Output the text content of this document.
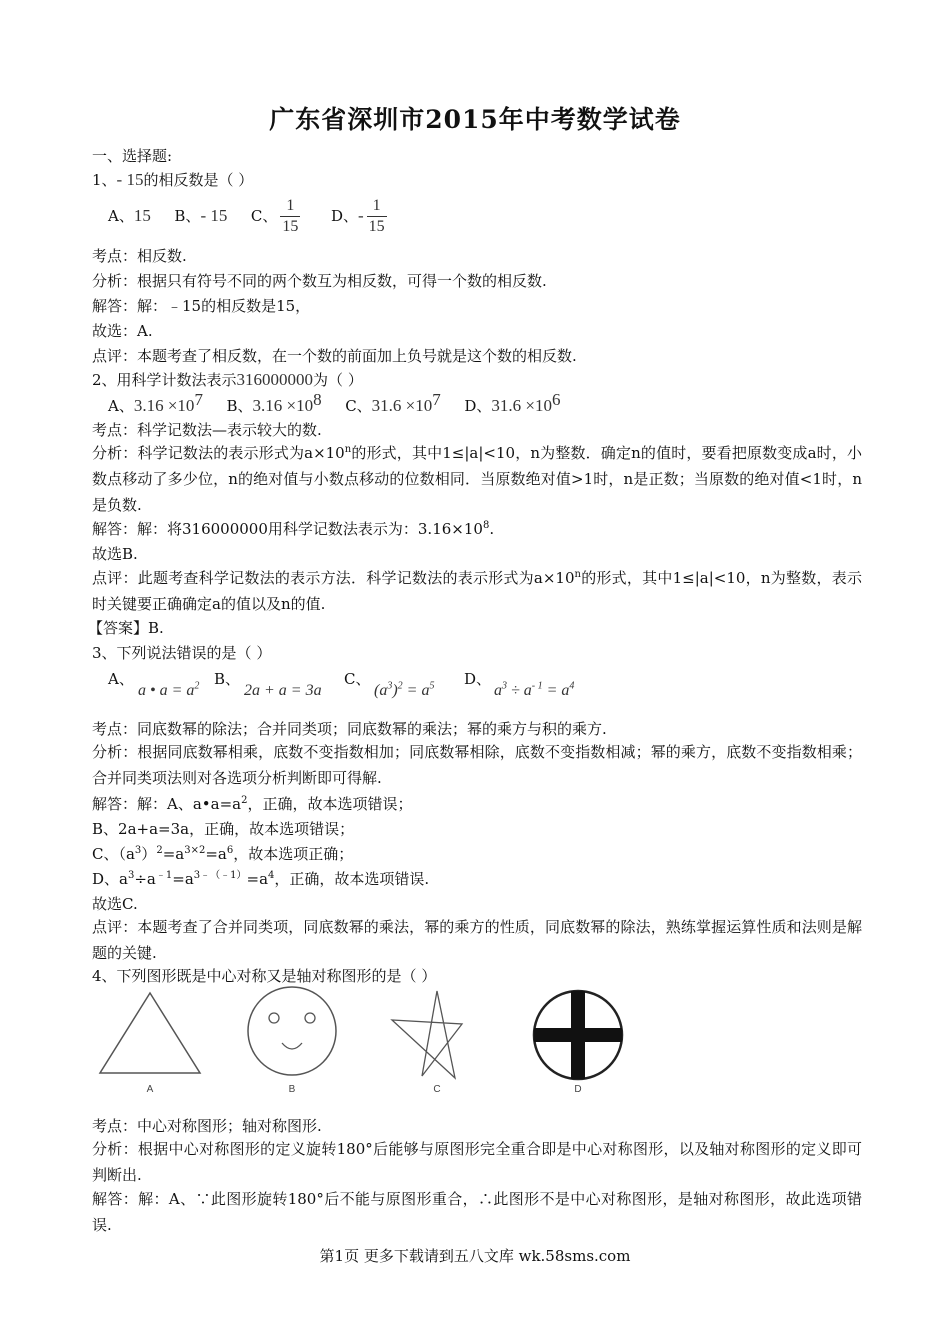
广东省深圳市2015年中考数学试卷
一、选择题:
1、- 15的相反数是（ ）
A、15 B、- 15 C、 $\frac{1}{15}$ D、- $\frac{1}{15}$
考点：相反数.
分析：根据只有符号不同的两个数互为相反数，可得一个数的相反数.
解答：解：﹣15的相反数是15，
故选：A.
点评：本题考查了相反数，在一个数的前面加上负号就是这个数的相反数.
2、用科学计数法表示316000000为（ ）
A、$3.16 \times 10^7$ B、$3.16 \times 10^8$ C、$31.6 \times 10^7$ D、$31.6 \times 10^6$
考点：科学记数法—表示较大的数.
分析：科学记数法的表示形式为$a\times 10^n$的形式，其中1≤|a|<10，n为整数．确定n的值时，要看把原数变成a时，小数点移动了多少位，n的绝对值与小数点移动的位数相同．当原数绝对值>1时，n是正数；当原数的绝对值<1时，n是负数.
解答：解：将316000000用科学记数法表示为：$3.16\times 10^8$.
故选B.
点评：此题考查科学记数法的表示方法．科学记数法的表示形式为$a\times 10^n$的形式，其中1≤|a|<10，n为整数，表示时关键要正确确定a的值以及n的值.
【答案】B.
3、下列说法错误的是（ ）
A、	B、	C、	D、
a • $a = a^2$	2a + a = 3a	$(a^3)^2 = a^5$	$a^3 \div a^{- 1} = a^4$
考点：同底数幂的除法；合并同类项；同底数幂的乘法；幂的乘方与积的乘方.
分析：根据同底数幂相乘，底数不变指数相加；同底数幂相除，底数不变指数相减；幂的乘方，底数不变指数相乘；合并同类项法则对各选项分析判断即可得解.
解答：解：A、$a•a=a^2$，正确，故本选项错误；
B、2a+a=3a，正确，故本选项错误；
C、$(a^3)^2=a^{3\times 2}=a^6$，故本选项正确；
D、$a^3\div a^{﹣1}=a^{3﹣(﹣1)}=a^4$，正确，故本选项错误.
故选C.
点评：本题考查了合并同类项，同底数幂的乘法，幂的乘方的性质，同底数幂的除法，熟练掌握运算性质和法则是解题的关键.
4、下列图形既是中心对称又是轴对称图形的是（ ）
A	B	C	D
考点：中心对称图形；轴对称图形.
分析：根据中心对称图形的定义旋转180°后能够与原图形完全重合即是中心对称图形，以及轴对称图形的定义即可判断出.
解答：解：A、∵此图形旋转180°后不能与原图形重合，∴此图形不是中心对称图形，是轴对称图形，故此选项错误.
第1页 更多下载请到五八文库 wk.58sms.com
